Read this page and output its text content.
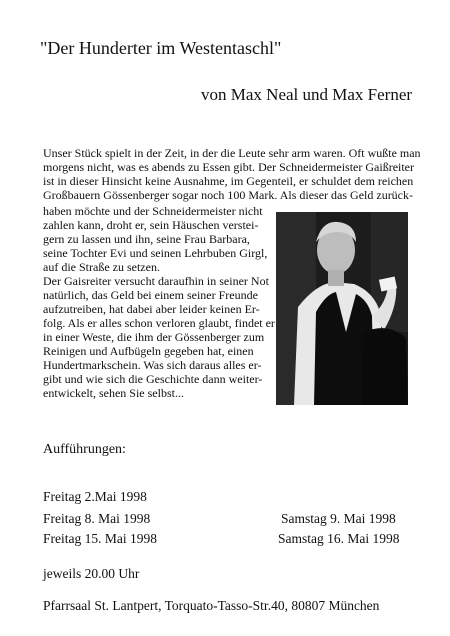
"Der Hunderter im Westentaschl"
von Max Neal und Max Ferner
Unser Stück spielt in der Zeit, in der die Leute sehr arm waren. Oft wußte man
morgens nicht, was es abends zu Essen gibt. Der Schneidermeister Gaißreiter
ist in dieser Hinsicht keine Ausnahme, im Gegenteil, er schuldet dem reichen
Großbauern Gössenberger sogar noch 100 Mark. Als dieser das Geld zurück-
haben möchte und der Schneidermeister nicht
zahlen kann, droht er, sein Häuschen verstei-
gern zu lassen und ihn, seine Frau Barbara,
seine Tochter Evi und seinen Lehrbuben Girgl,
auf die Straße zu setzen.
Der Gaisreiter versucht daraufhin in seiner Not
natürlich, das Geld bei einem seiner Freunde
aufzutreiben, hat dabei aber leider keinen Er-
folg. Als er alles schon verloren glaubt, findet er
in einer Weste, die ihm der Gössenberger zum
Reinigen und Aufbügeln gegeben hat, einen
Hundertmarkschein. Was sich daraus alles er-
gibt und wie sich die Geschichte dann weiter-
entwickelt, sehen Sie selbst...
Aufführungen:
Freitag 2.Mai 1998
Freitag 8. Mai 1998
Freitag 15. Mai 1998
Samstag 9. Mai 1998
Samstag 16. Mai 1998
jeweils 20.00 Uhr
Pfarrsaal St. Lantpert, Torquato-Tasso-Str.40, 80807 München
